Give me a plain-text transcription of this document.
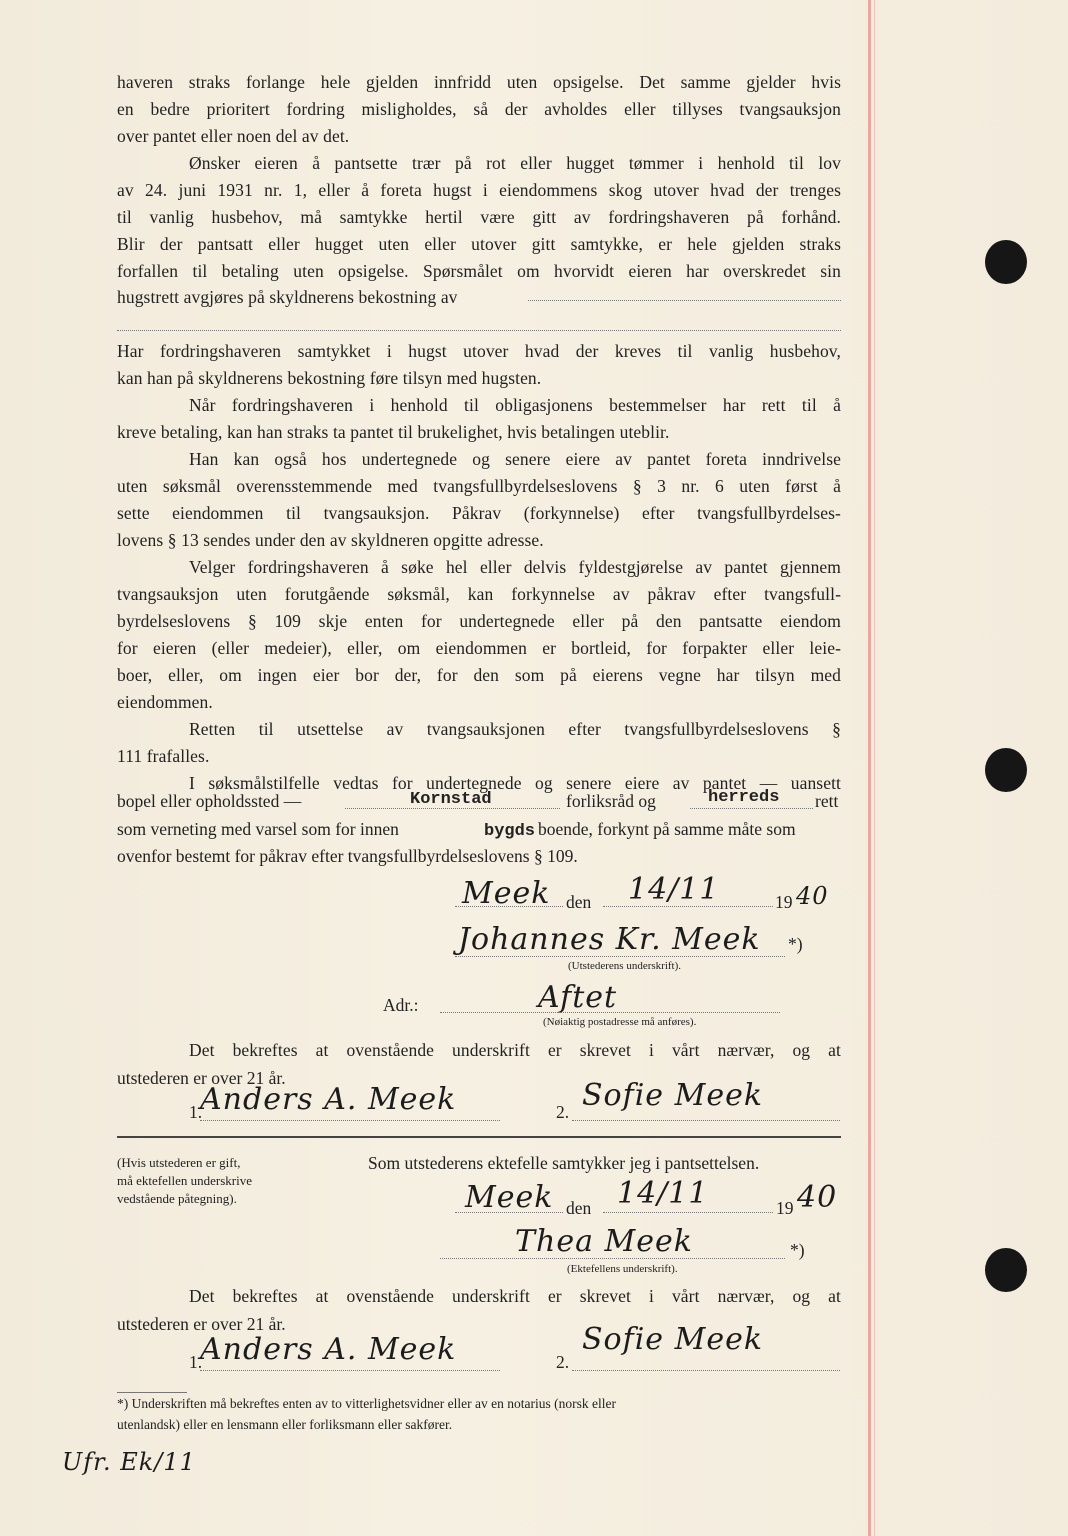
haveren straks forlange hele gjelden innfridd uten opsigelse. Det samme gjelder hvis
en bedre prioritert fordring misligholdes, så der avholdes eller tillyses tvangsauksjon
over pantet eller noen del av det.
Ønsker eieren å pantsette trær på rot eller hugget tømmer i henhold til lov
av 24. juni 1931 nr. 1, eller å foreta hugst i eiendommens skog utover hvad der trenges
til vanlig husbehov, må samtykke hertil være gitt av fordringshaveren på forhånd.
Blir der pantsatt eller hugget uten eller utover gitt samtykke, er hele gjelden straks
forfallen til betaling uten opsigelse. Spørsmålet om hvorvidt eieren har overskredet sin
hugstrett avgjøres på skyldnerens bekostning av
Har fordringshaveren samtykket i hugst utover hvad der kreves til vanlig husbehov,
kan han på skyldnerens bekostning føre tilsyn med hugsten.
Når fordringshaveren i henhold til obligasjonens bestemmelser har rett til å
kreve betaling, kan han straks ta pantet til brukelighet, hvis betalingen uteblir.
Han kan også hos undertegnede og senere eiere av pantet foreta inndrivelse
uten søksmål overensstemmende med tvangsfullbyrdelseslovens § 3 nr. 6 uten først å
sette eiendommen til tvangsauksjon. Påkrav (forkynnelse) efter tvangsfullbyrdelses-
lovens § 13 sendes under den av skyldneren opgitte adresse.
Velger fordringshaveren å søke hel eller delvis fyldestgjørelse av pantet gjennem
tvangsauksjon uten forutgående søksmål, kan forkynnelse av påkrav efter tvangsfull-
byrdelseslovens § 109 skje enten for undertegnede eller på den pantsatte eiendom
for eieren (eller medeier), eller, om eiendommen er bortleid, for forpakter eller leie-
boer, eller, om ingen eier bor der, for den som på eierens vegne har tilsyn med
eiendommen.
Retten til utsettelse av tvangsauksjonen efter tvangsfullbyrdelseslovens §
111 frafalles.
I søksmålstilfelle vedtas for undertegnede og senere eiere av pantet — uansett
bopel eller opholdssted —	Kornstad	forliksråd og	herreds rett
som verneting med varsel som for innen	bygds boende, forkynt på samme måte som
ovenfor bestemt for påkrav efter tvangsfullbyrdelseslovens § 109.
Meek den 14/11	19 40
Johannes Kr. Meek *)
(Utstederens underskrift).
Adr.:	Aftet
(Nøiaktig postadresse må anføres).
Det bekreftes at ovenstående underskrift er skrevet i vårt nærvær, og at
utstederen er over 21 år.
1.
Anders A. Meek	2. Sofie Meek
(Hvis utstederen er gift,
må ektefellen underskrive
vedstående påtegning).
Som utstederens ektefelle samtykker jeg i pantsettelsen.
Meek den 14/11	19 40
Thea Meek	*)
(Ektefellens underskrift).
Det bekreftes at ovenstående underskrift er skrevet i vårt nærvær, og at
utstederen er over 21 år.
1.
Anders A. Meek	2.
Sofie Meek
*) Underskriften må bekreftes enten av to vitterlighetsvidner eller av en notarius (norsk eller
utenlandsk) eller en lensmann eller forliksmann eller sakfører.
Ufr. Ek/11
